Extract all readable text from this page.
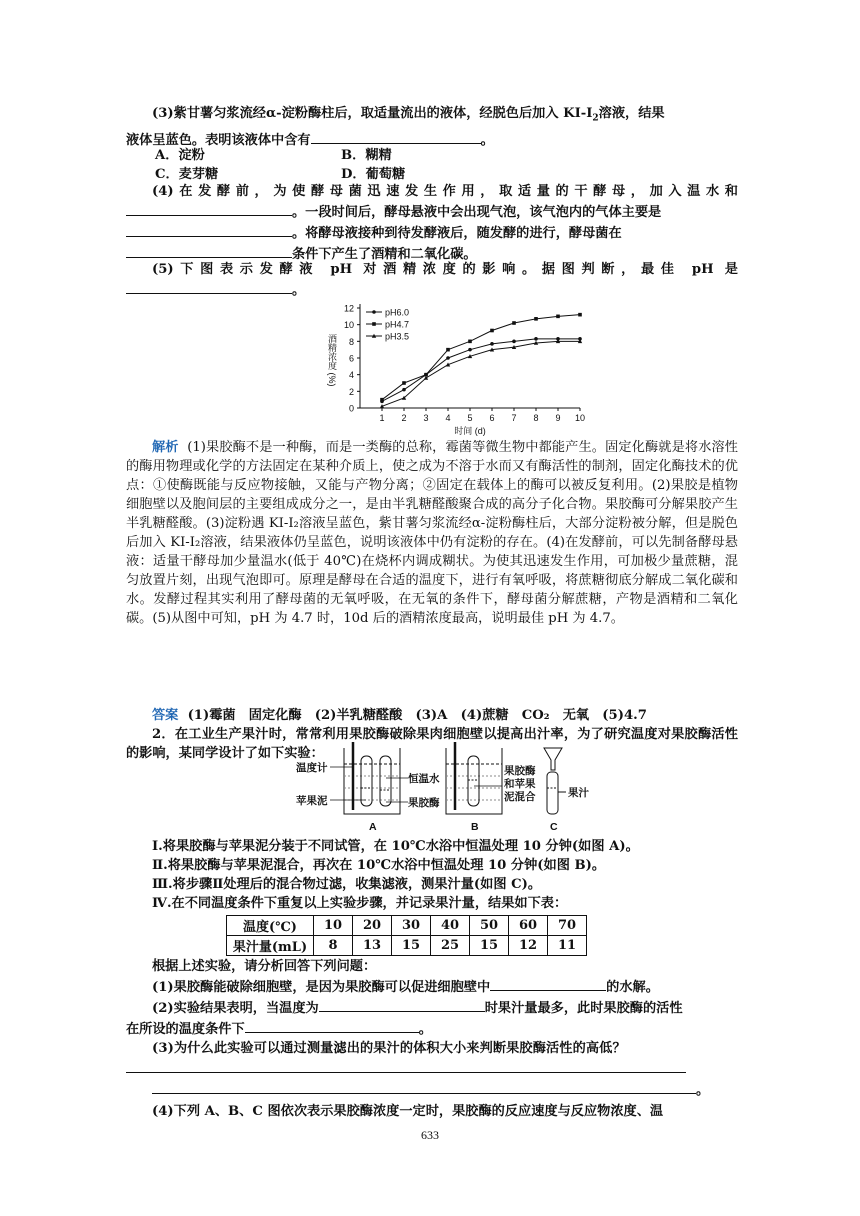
(3)紫甘薯匀浆流经α-淀粉酶柱后，取适量流出的液体，经脱色后加入 $KI-I_2$溶液，结果
液体呈蓝色。表明该液体中含有	。
A．淀粉	B．糊精
C．麦芽糖	D．葡萄糖
(4)在发酵前，为使酵母菌迅速发生作用，取适量的干酵母，加入温水和
。一段时间后，酵母悬液中会出现气泡，该气泡内的气体主要是
。将酵母液接种到待发酵液后，随发酵的进行，酵母菌在
条件下产生了酒精和二氧化碳。
(5)下图表示发酵液 pH 对酒精浓度的影响。据图判断，最佳 pH 是
。
0
2
4
6
8
10
12
1 2 3 4 5 6 7 8 9 10
时间 (d)
酒精浓度 (%)
pH6.0
pH4.7
pH3.5
解析 (1)果胶酶不是一种酶，而是一类酶的总称，霉菌等微生物中都能产生。固定化酶就是将水溶性的酶用物理或化学的方法固定在某种介质上，使之成为不溶于水而又有酶活性的制剂，固定化酶技术的优点：①使酶既能与反应物接触，又能与产物分离；②固定在载体上的酶可以被反复利用。(2)果胶是植物细胞壁以及胞间层的主要组成成分之一，是由半乳糖醛酸聚合成的高分子化合物。果胶酶可分解果胶产生半乳糖醛酸。(3)淀粉遇 KI-I₂溶液呈蓝色，紫甘薯匀浆流经α-淀粉酶柱后，大部分淀粉被分解，但是脱色后加入 KI-I₂溶液，结果液体仍呈蓝色，说明该液体中仍有淀粉的存在。(4)在发酵前，可以先制备酵母悬液：适量干酵母加少量温水(低于 40℃)在烧杯内调成糊状。为使其迅速发生作用，可加极少量蔗糖，混匀放置片刻，出现气泡即可。原理是酵母在合适的温度下，进行有氧呼吸，将蔗糖彻底分解成二氧化碳和水。发酵过程其实利用了酵母菌的无氧呼吸，在无氧的条件下，酵母菌分解蔗糖，产物是酒精和二氧化碳。(5)从图中可知，pH 为 4.7 时，10d 后的酒精浓度最高，说明最佳 pH 为 4.7。
答案 (1)霉菌　固定化酶　(2)半乳糖醛酸　(3)A　(4)蔗糖　CO₂　无氧　(5)4.7
2．在工业生产果汁时，常常利用果胶酶破除果肉细胞壁以提高出汁率，为了研究温度对果胶酶活性的影响，某同学设计了如下实验：
温度计
苹果泥
恒温水
果胶酶
果胶酶
和苹果
泥混合	果汁
A	B	C
Ⅰ.将果胶酶与苹果泥分装于不同试管，在 10℃水浴中恒温处理 10 分钟(如图 A)。
Ⅱ.将果胶酶与苹果泥混合，再次在 10℃水浴中恒温处理 10 分钟(如图 B)。
Ⅲ.将步骤Ⅱ处理后的混合物过滤，收集滤液，测果汁量(如图 C)。
Ⅳ.在不同温度条件下重复以上实验步骤，并记录果汁量，结果如下表：
温度(℃)	10	20	30	40	50	60	70
果汁量(mL)	8	13	15	25	15	12	11
根据上述实验，请分析回答下列问题：
(1)果胶酶能破除细胞壁，是因为果胶酶可以促进细胞壁中	的水解。
(2)实验结果表明，当温度为	时果汁量最多，此时果胶酶的活性
在所设的温度条件下	。
(3)为什么此实验可以通过测量滤出的果汁的体积大小来判断果胶酶活性的高低？
。
(4)下列 A、B、C 图依次表示果胶酶浓度一定时，果胶酶的反应速度与反应物浓度、温
633
